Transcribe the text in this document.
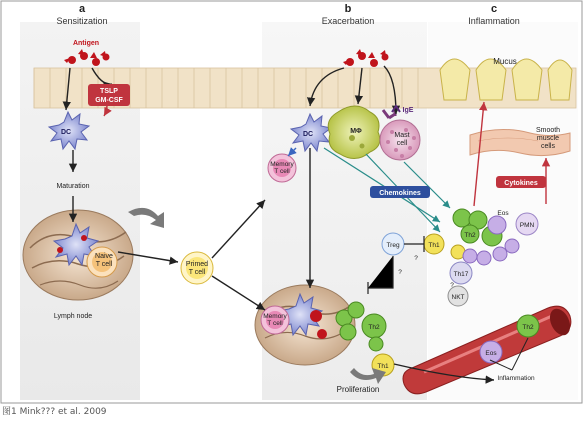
a
Sensitization
b
Exacerbation
c
Inflammation
Antigen
TSLP
GM-CSF
DC
Maturation
Naive
T cell
Lymph node
Primed
T cell
DC	MΦ
IgE
Mast
cell
Memory
T cell
Memory
T cell
Chemokines
Cytokines
Mucus
Smooth
muscle
cells
Treg	Th1
Th2
Th17
NKT
Eos
PMN
?
?
?
Th2
Th1
Th2
Eos
Inflammation
Proliferation
图1 Mink??? et al. 2009
